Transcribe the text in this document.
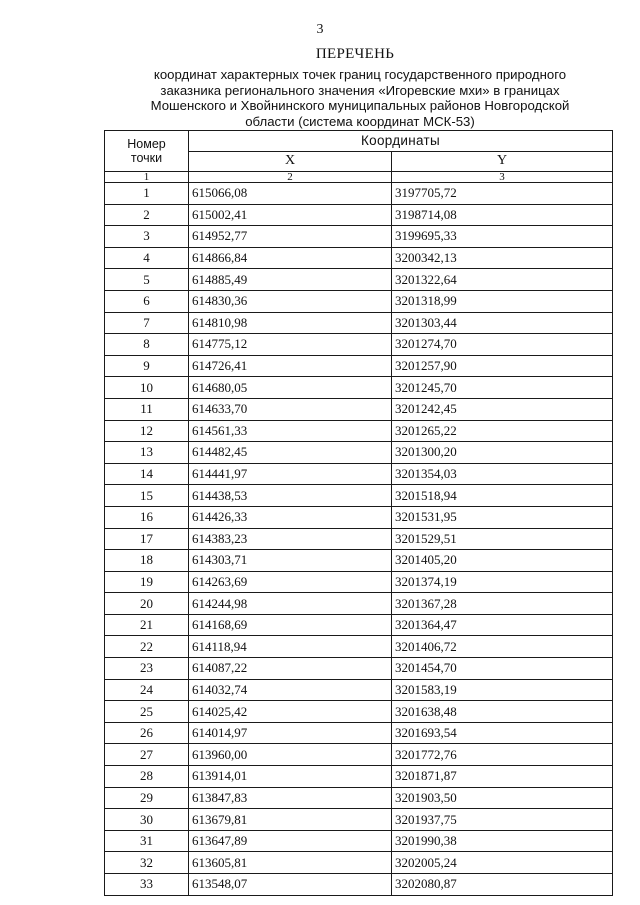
3
ПЕРЕЧЕНЬ
координат характерных точек границ государственного природного
заказника регионального значения «Игоревские мхи» в границах
Мошенского и Хвойнинского муниципальных районов Новгородской
области (система координат МСК-53)
Номер
точки	Координаты	
	X	Y
1	2	3
1	615066,08	3197705,72
2	615002,41	3198714,08
3	614952,77	3199695,33
4	614866,84	3200342,13
5	614885,49	3201322,64
6	614830,36	3201318,99
7	614810,98	3201303,44
8	614775,12	3201274,70
9	614726,41	3201257,90
10	614680,05	3201245,70
11	614633,70	3201242,45
12	614561,33	3201265,22
13	614482,45	3201300,20
14	614441,97	3201354,03
15	614438,53	3201518,94
16	614426,33	3201531,95
17	614383,23	3201529,51
18	614303,71	3201405,20
19	614263,69	3201374,19
20	614244,98	3201367,28
21	614168,69	3201364,47
22	614118,94	3201406,72
23	614087,22	3201454,70
24	614032,74	3201583,19
25	614025,42	3201638,48
26	614014,97	3201693,54
27	613960,00	3201772,76
28	613914,01	3201871,87
29	613847,83	3201903,50
30	613679,81	3201937,75
31	613647,89	3201990,38
32	613605,81	3202005,24
33	613548,07	3202080,87
